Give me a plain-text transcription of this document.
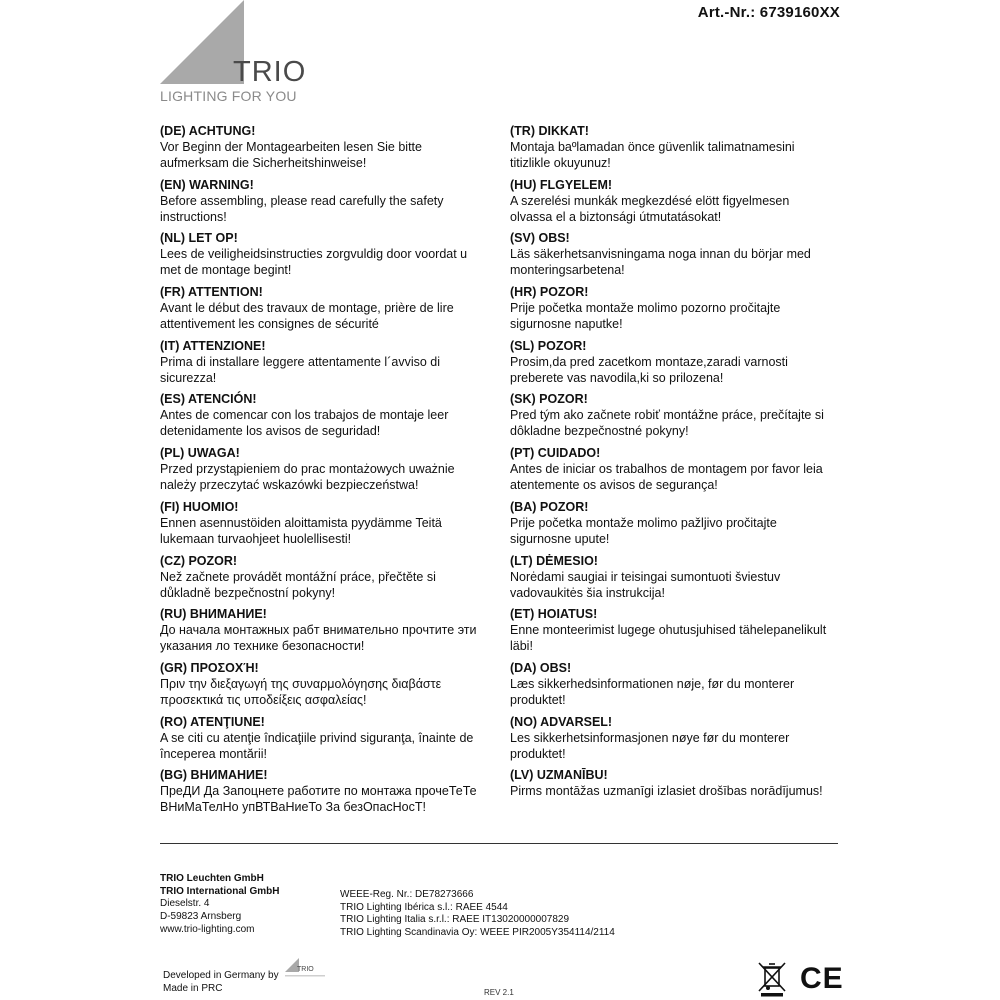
Art.-Nr.: 6739160XX
TRIO
LIGHTING FOR YOU
(DE) ACHTUNG!
Vor Beginn der Montagearbeiten lesen Sie bitte
aufmerksam die Sicherheitshinweise!
(EN) WARNING!
Before assembling, please read carefully the safety
instructions!
(NL) LET OP!
Lees de veiligheidsinstructies zorgvuldig door voordat u
met de montage begint!
(FR) ATTENTION!
Avant le début des travaux de montage, prière de lire
attentivement les consignes de sécurité
(IT) ATTENZIONE!
Prima di installare leggere attentamente l´avviso di
sicurezza!
(ES) ATENCIÓN!
Antes de comencar con los trabajos de montaje leer
detenidamente los avisos de seguridad!
(PL) UWAGA!
Przed przystąpieniem do prac montażowych uważnie
należy przeczytać wskazówki bezpieczeństwa!
(FI) HUOMIO!
Ennen asennustöiden aloittamista pyydämme Teitä
lukemaan turvaohjeet huolellisesti!
(CZ) POZOR!
Než začnete provádět montážní práce, přečtěte si
důkladně bezpečnostní pokyny!
(RU) ВНИМАНИЕ!
До начала монтажных рабт внимательно прочтите эти
указания ло технике безопасности!
(GR) ΠΡΟΣΟΧΉ!
Πριν την διεξαγωγή της συναρμολόγησης διαβάστε
προσεκτικά τις υποδείξεις ασφαλείας!
(RO) ATENŢIUNE!
A se citi cu atenţie îndicaţiile privind siguranţa, înainte de
începerea montării!
(BG) ВНИМАНИЕ!
ПреДИ Да Запоцнете работите по монтажа прочеТеТе
ВНиМаТелНо упВТВаНиеТо За безОпасНосТ!
(TR) DIKKAT!
Montaja baºlamadan önce güvenlik talimatnamesini
titizlikle okuyunuz!
(HU) FLGYELEM!
A szerelési munkák megkezdésé elött figyelmesen
olvassa el a biztonsági útmutatásokat!
(SV) OBS!
Läs säkerhetsanvisningama noga innan du börjar med
monteringsarbetena!
(HR) POZOR!
Prije početka montaže molimo pozorno pročitajte
sigurnosne naputke!
(SL) POZOR!
Prosim,da pred zacetkom montaze,zaradi varnosti
preberete vas navodila,ki so prilozena!
(SK) POZOR!
Pred tým ako začnete robiť montážne práce, prečítajte si
dôkladne bezpečnostné pokyny!
(PT) CUIDADO!
Antes de iniciar os trabalhos de montagem por favor leia
atentemente os avisos de segurança!
(BA) POZOR!
Prije početka montaže molimo pažljivo pročitajte
sigurnosne upute!
(LT) DĖMESIO!
Norėdami saugiai ir teisingai sumontuoti šviestuv
vadovaukitės šia instrukcija!
(ET) HOIATUS!
Enne monteerimist lugege ohutusjuhised tähelepanelikult
läbi!
(DA) OBS!
Læs sikkerhedsinformationen nøje, før du monterer
produktet!
(NO) ADVARSEL!
Les sikkerhetsinformasjonen nøye før du monterer
produktet!
(LV) UZMANĪBU!
Pirms montāžas uzmanīgi izlasiet drošības norādījumus!
TRIO Leuchten GmbH
TRIO International GmbH
Dieselstr. 4
D-59823 Arnsberg
www.trio-lighting.com
WEEE-Reg. Nr.: DE78273666
TRIO Lighting Ibérica s.l.: RAEE 4544
TRIO Lighting Italia s.r.l.: RAEE IT13020000007829
TRIO Lighting Scandinavia Oy: WEEE PIR2005Y354114/2114
Developed in Germany by
Made in PRC
TRIO
REV 2.1	CE
